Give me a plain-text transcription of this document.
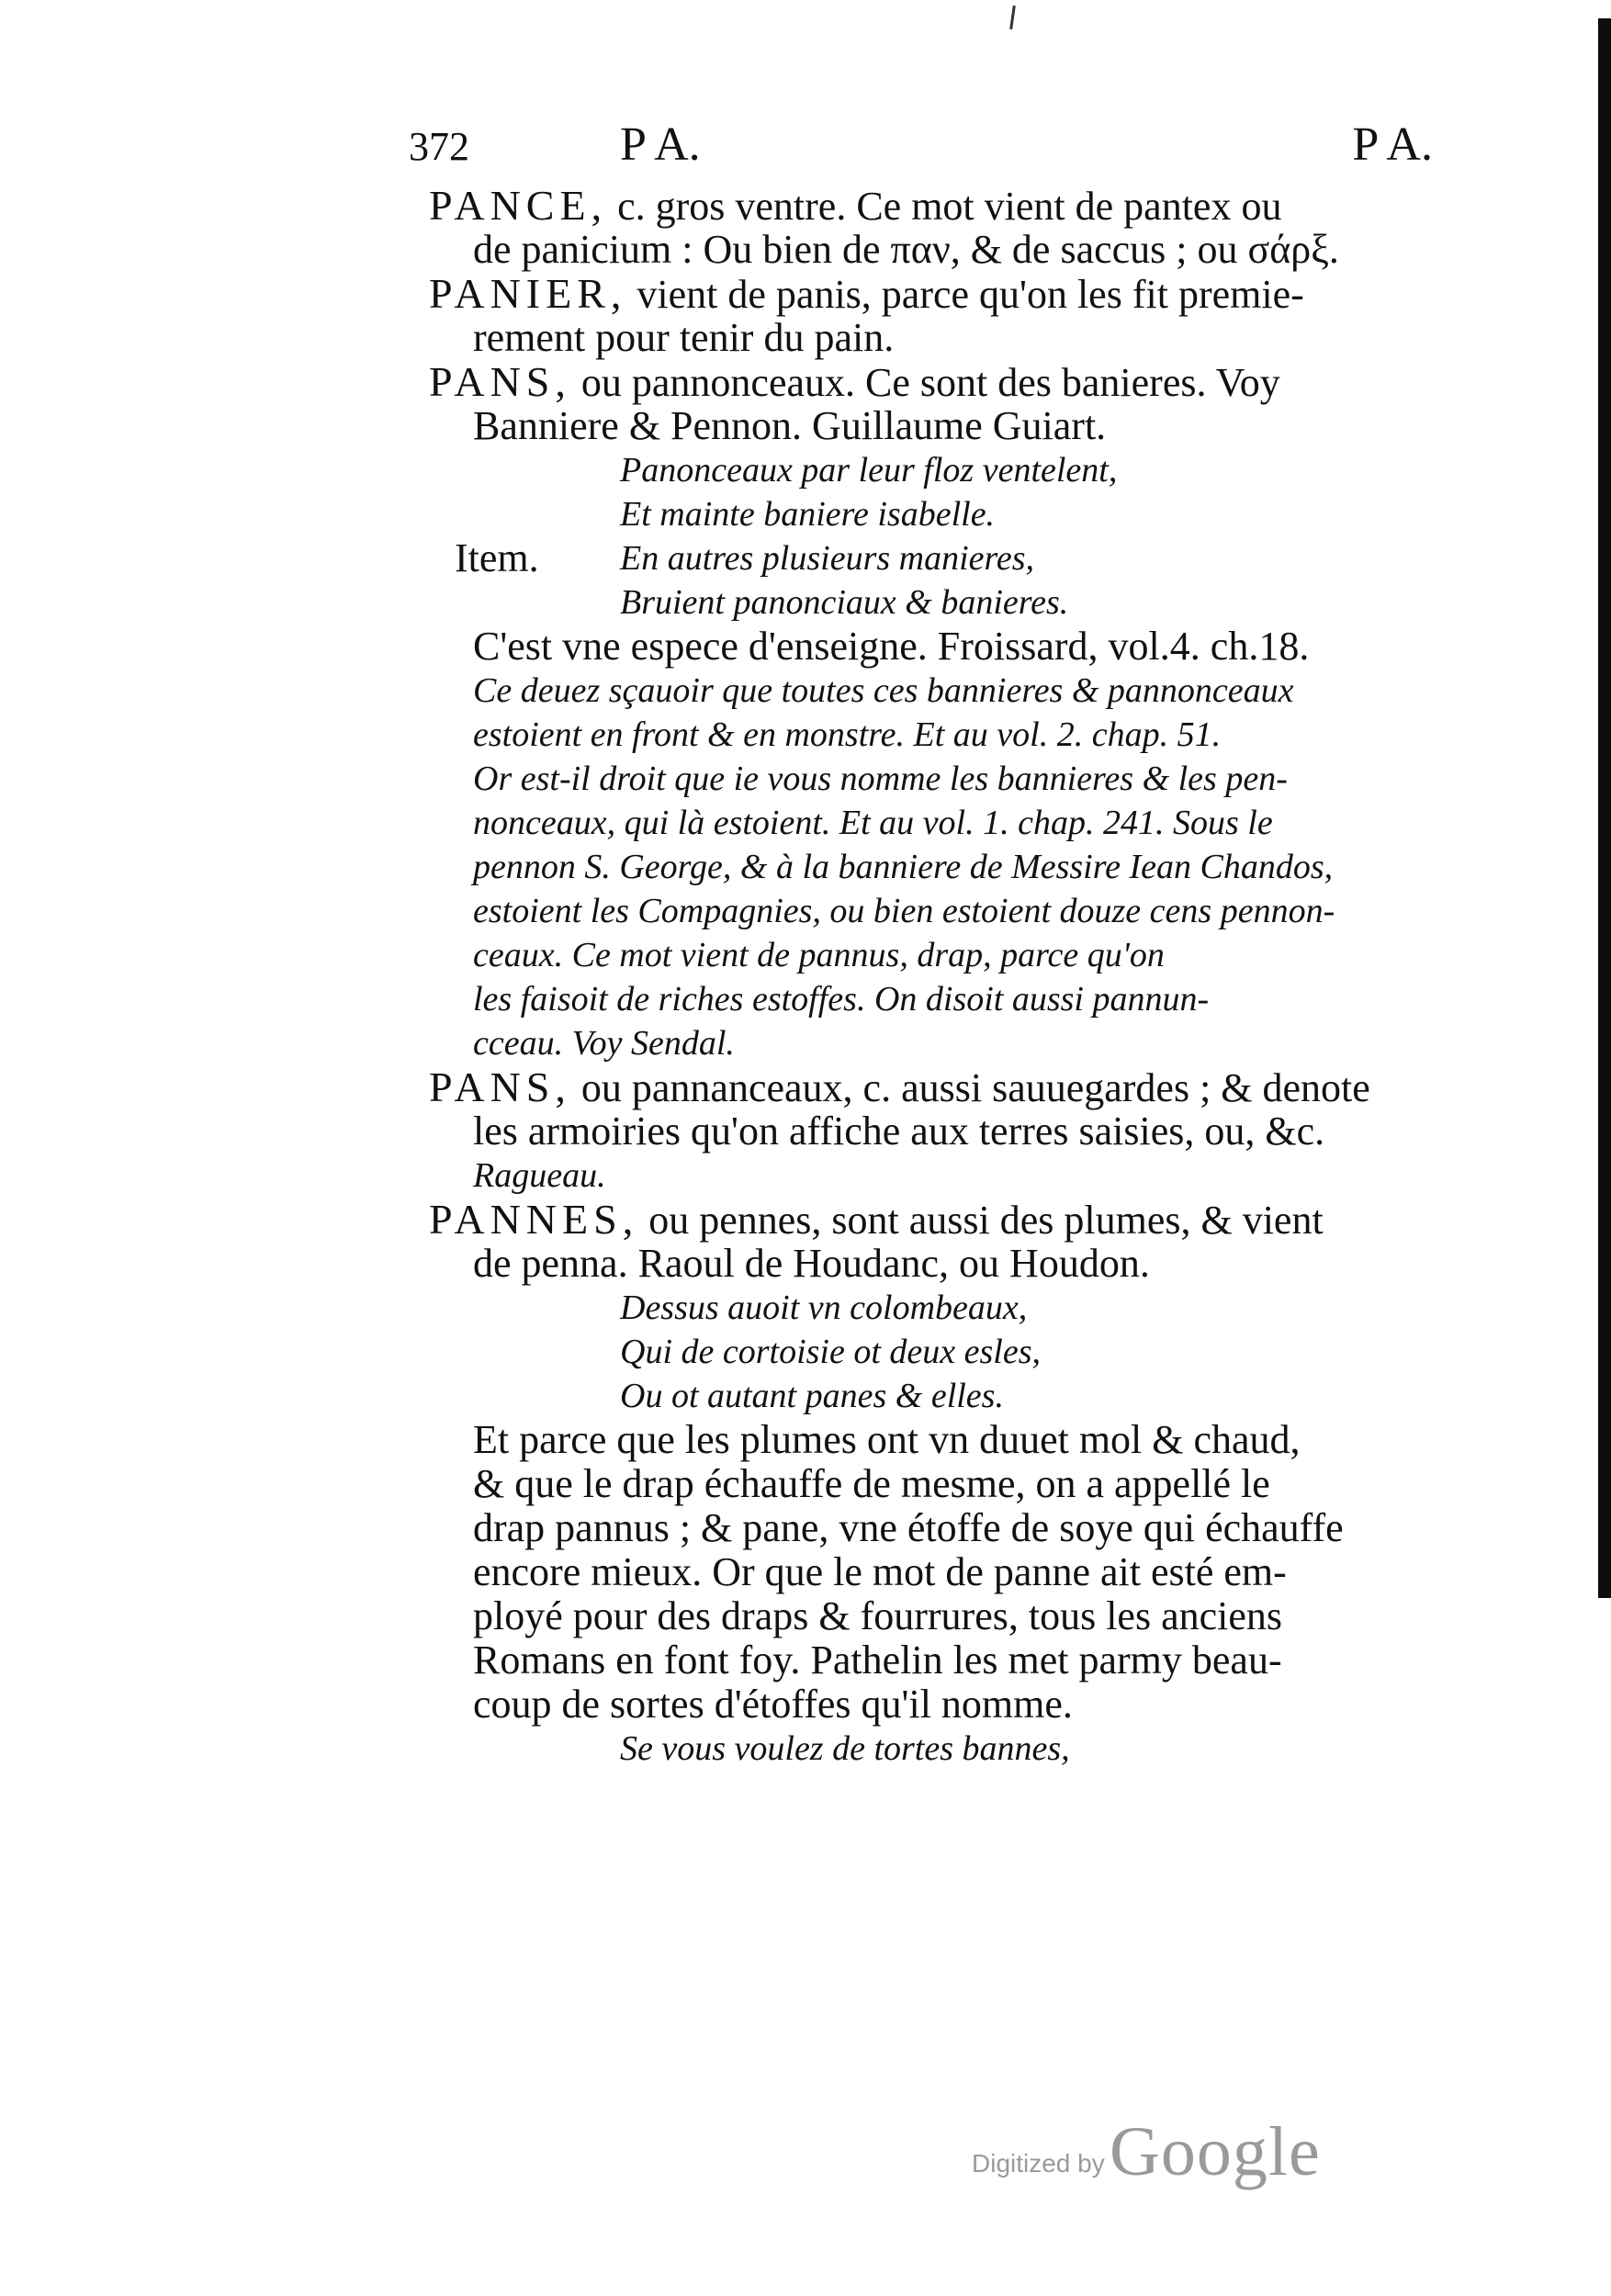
372	P A.	P A.
PANCE, c. gros ventre. Ce mot vient de pantex ou
de panicium : Ou bien de παν, & de saccus ; ou σάρξ.
PANIER, vient de panis, parce qu'on les fit premie-
rement pour tenir du pain.
PANS, ou pannonceaux. Ce sont des banieres. Voy
Banniere & Pennon. Guillaume Guiart.
Panonceaux par leur floz ventelent,
Et mainte baniere isabelle.
Item. En autres plusieurs manieres,
Bruient panonciaux & banieres.
C'est vne espece d'enseigne. Froissard, vol.4. ch.18.
Ce deuez sçauoir que toutes ces bannieres & pannonceaux
estoient en front & en monstre. Et au vol. 2. chap. 51.
Or est-il droit que ie vous nomme les bannieres & les pen-
nonceaux, qui là estoient. Et au vol. 1. chap. 241. Sous le
pennon S. George, & à la banniere de Messire Iean Chandos,
estoient les Compagnies, ou bien estoient douze cens pennon-
ceaux. Ce mot vient de pannus, drap, parce qu'on
les faisoit de riches estoffes. On disoit aussi pannun-
cceau. Voy Sendal.
PANS, ou pannanceaux, c. aussi sauuegardes ; & denote
les armoiries qu'on affiche aux terres saisies, ou, &c.
Ragueau.
PANNES, ou pennes, sont aussi des plumes, & vient
de penna. Raoul de Houdanc, ou Houdon.
Dessus auoit vn colombeaux,
Qui de cortoisie ot deux esles,
Ou ot autant panes & elles.
Et parce que les plumes ont vn duuet mol & chaud,
& que le drap échauffe de mesme, on a appellé le
drap pannus ; & pane, vne étoffe de soye qui échauffe
encore mieux. Or que le mot de panne ait esté em-
ployé pour des draps & fourrures, tous les anciens
Romans en font foy. Pathelin les met parmy beau-
coup de sortes d'étoffes qu'il nomme.
Se vous voulez de tortes bannes,
Digitized by Google
